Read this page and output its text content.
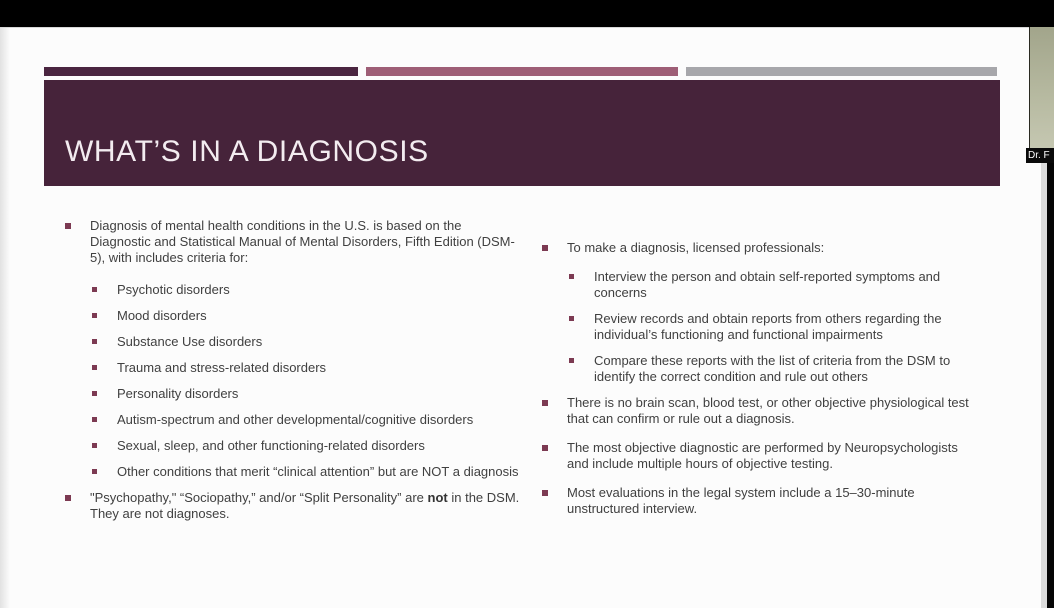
WHAT’S IN A DIAGNOSIS
Diagnosis of mental health conditions in the U.S. is based on the Diagnostic and Statistical Manual of Mental Disorders, Fifth Edition (DSM-5), with includes criteria for:
Psychotic disorders
Mood disorders
Substance Use disorders
Trauma and stress-related disorders
Personality disorders
Autism-spectrum and other developmental/cognitive disorders
Sexual, sleep, and other functioning-related disorders
Other conditions that merit “clinical attention” but are NOT a diagnosis
"Psychopathy," “Sociopathy,” and/or “Split Personality” are not in the DSM. They are not diagnoses.
To make a diagnosis, licensed professionals:
Interview the person and obtain self-reported symptoms and concerns
Review records and obtain reports from others regarding the individual’s functioning and functional impairments
Compare these reports with the list of criteria from the DSM to identify the correct condition and rule out others
There is no brain scan, blood test, or other objective physiological test that can confirm or rule out a diagnosis.
The most objective diagnostic are performed by Neuropsychologists and include multiple hours of objective testing.
Most evaluations in the legal system include a 15–30-minute unstructured interview.
Dr. F
